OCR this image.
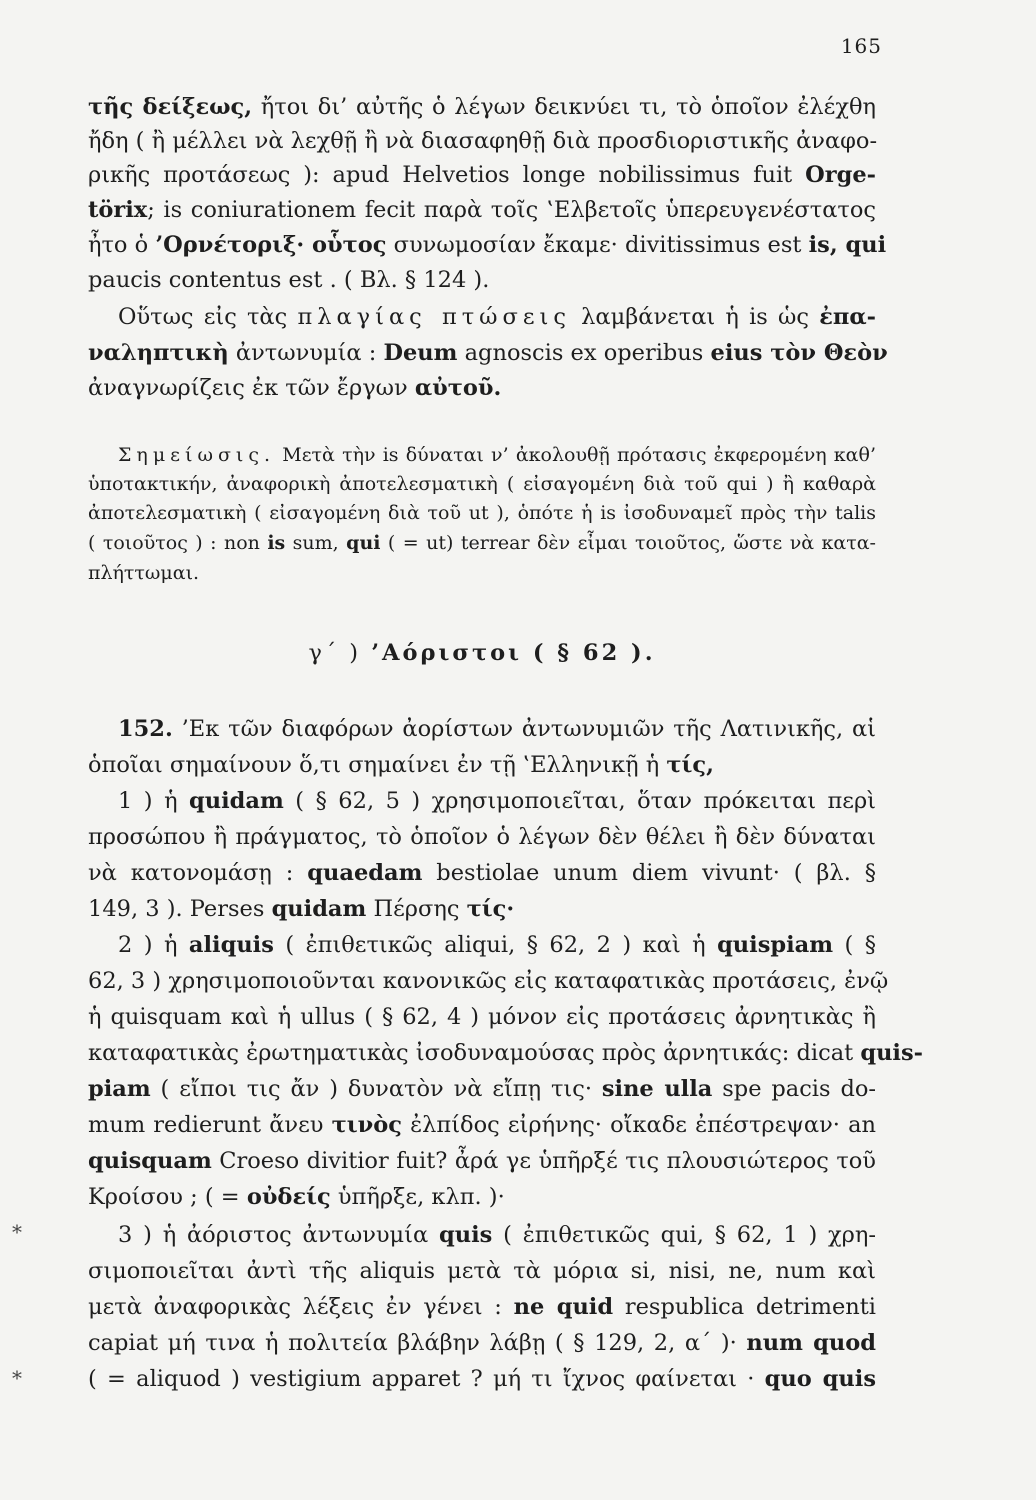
165
τῆς δείξεως, ἤτοι δι’ αὐτῆς ὁ λέγων δεικνύει τι, τὸ ὁποῖον ἐλέχθη
ἤδη ( ἢ μέλλει νὰ λεχθῇ ἢ νὰ διασαφηθῇ διὰ προσδιοριστικῆς ἀναφο-
ρικῆς προτάσεως ): apud Helvetios longe nobilissimus fuit Orge-
törix; is coniurationem fecit παρὰ τοῖς ‛Ελβετοῖς ὑπερευγενέστατος
ἦτο ὁ ’Ορνέτοριξ· οὗτος συνωμοσίαν ἔκαμε· divitissimus est is, qui
paucis contentus est . ( Βλ. § 124 ).
Οὕτως εἰς τὰς πλαγίας πτώσεις λαμβάνεται ἡ is ὡς ἐπα-
ναληπτικὴ ἀντωνυμία : Deum agnoscis ex operibus eius τὸν Θεὸν
ἀναγνωρίζεις ἐκ τῶν ἔργων αὐτοῦ.
Σημείωσις. Μετὰ τὴν is δύναται ν’ ἀκολουθῇ πρότασις ἐκφερομένη καθ’
ὑποτακτικήν, ἀναφορικὴ ἀποτελεσματικὴ ( εἰσαγομένη διὰ τοῦ qui ) ἢ καθαρὰ
ἀποτελεσματικὴ ( εἰσαγομένη διὰ τοῦ ut ), ὁπότε ἡ is ἰσοδυναμεῖ πρὸς τὴν talis
( τοιοῦτος ) : non is sum, qui ( = ut) terrear δὲν εἶμαι τοιοῦτος, ὥστε νὰ κατα-
πλήττωμαι.
γ΄ ) ’Αόριστοι ( § 62 ).
152. ’Εκ τῶν διαφόρων ἀορίστων ἀντωνυμιῶν τῆς Λατινικῆς, αἱ
ὁποῖαι σημαίνουν ὅ,τι σημαίνει ἐν τῇ ‛Ελληνικῇ ἡ τίς,
1 ) ἡ quidam ( § 62, 5 ) χρησιμοποιεῖται, ὅταν πρόκειται περὶ
προσώπου ἢ πράγματος, τὸ ὁποῖον ὁ λέγων δὲν θέλει ἢ δὲν δύναται
νὰ κατονομάσῃ : quaedam bestiolae unum diem vivunt· ( βλ. §
149, 3 ). Perses quidam Πέρσης τίς·
2 ) ἡ aliquis ( ἐπιθετικῶς aliqui, § 62, 2 ) καὶ ἡ quispiam ( §
62, 3 ) χρησιμοποιοῦνται κανονικῶς εἰς καταφατικὰς προτάσεις, ἐνῷ
ἡ quisquam καὶ ἡ ullus ( § 62, 4 ) μόνον εἰς προτάσεις ἀρνητικὰς ἢ
καταφατικὰς ἐρωτηματικὰς ἰσοδυναμούσας πρὸς ἀρνητικάς: dicat quis-
piam ( εἴποι τις ἄν ) δυνατὸν νὰ εἴπῃ τις· sine ulla spe pacis do-
mum redierunt ἄνευ τινὸς ἐλπίδος εἰρήνης· οἴκαδε ἐπέστρεψαν· an
quisquam Croeso divitior fuit? ἆρά γε ὑπῆρξέ τις πλουσιώτερος τοῦ
Κροίσου ; ( = οὐδείς ὑπῆρξε, κλπ. )·
3 ) ἡ ἀόριστος ἀντωνυμία quis ( ἐπιθετικῶς qui, § 62, 1 ) χρη-
σιμοποιεῖται ἀντὶ τῆς aliquis μετὰ τὰ μόρια si, nisi, ne, num καὶ
μετὰ ἀναφορικὰς λέξεις ἐν γένει : ne quid respublica detrimenti
capiat μή τινα ἡ πολιτεία βλάβην λάβῃ ( § 129, 2, α΄ )· num quod
( = aliquod ) vestigium apparet ? μή τι ἴχνος φαίνεται · quo quis
*
*
